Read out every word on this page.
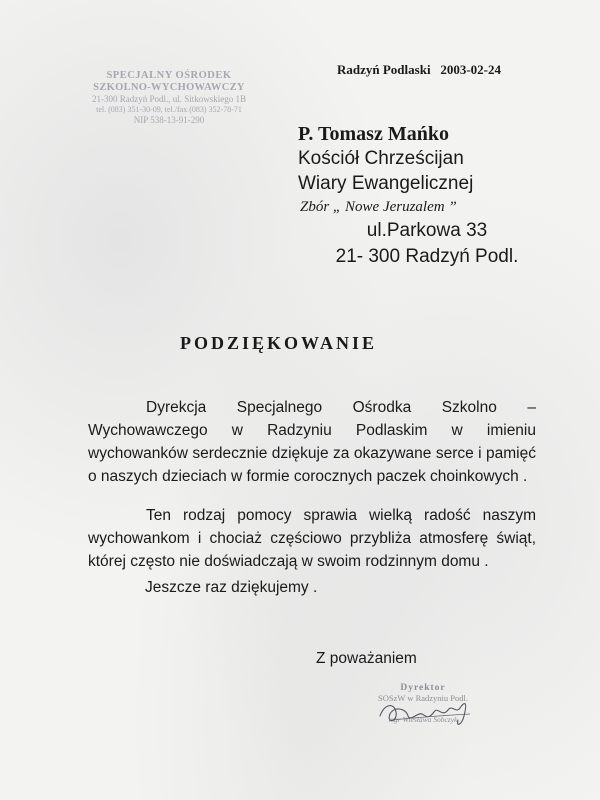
SPECJALNY OŚRODEK
SZKOLNO-WYCHOWAWCZY
21-300 Radzyń Podl., ul. Sitkowskiego 1B
tel. (083) 351-30-09, tel./fax (083) 352-78-71
NIP 538-13-91-290
Radzyń Podlaski 2003-02-24
P. Tomasz Mańko
Kościół Chrześcijan
Wiary Ewangelicznej
Zbór „ Nowe Jeruzalem ”
ul.Parkowa 33
21- 300 Radzyń Podl.
PODZIĘKOWANIE

Dyrekcja Specjalnego Ośrodka Szkolno – Wychowawczego w Radzyniu Podlaskim w imieniu wychowanków serdecznie dziękuje za okazywane serce i pamięć o naszych dzieciach w formie corocznych paczek choinkowych .

Ten rodzaj pomocy sprawia wielką radość naszym wychowankom i chociaż częściowo przybliża atmosferę świąt, której często nie doświadczają w swoim rodzinnym domu .

Jeszcze raz dziękujemy .

Z poważaniem
Dyrektor
SOSzW w Radzyniu Podl.
mgr Wiesława Sobczyk
